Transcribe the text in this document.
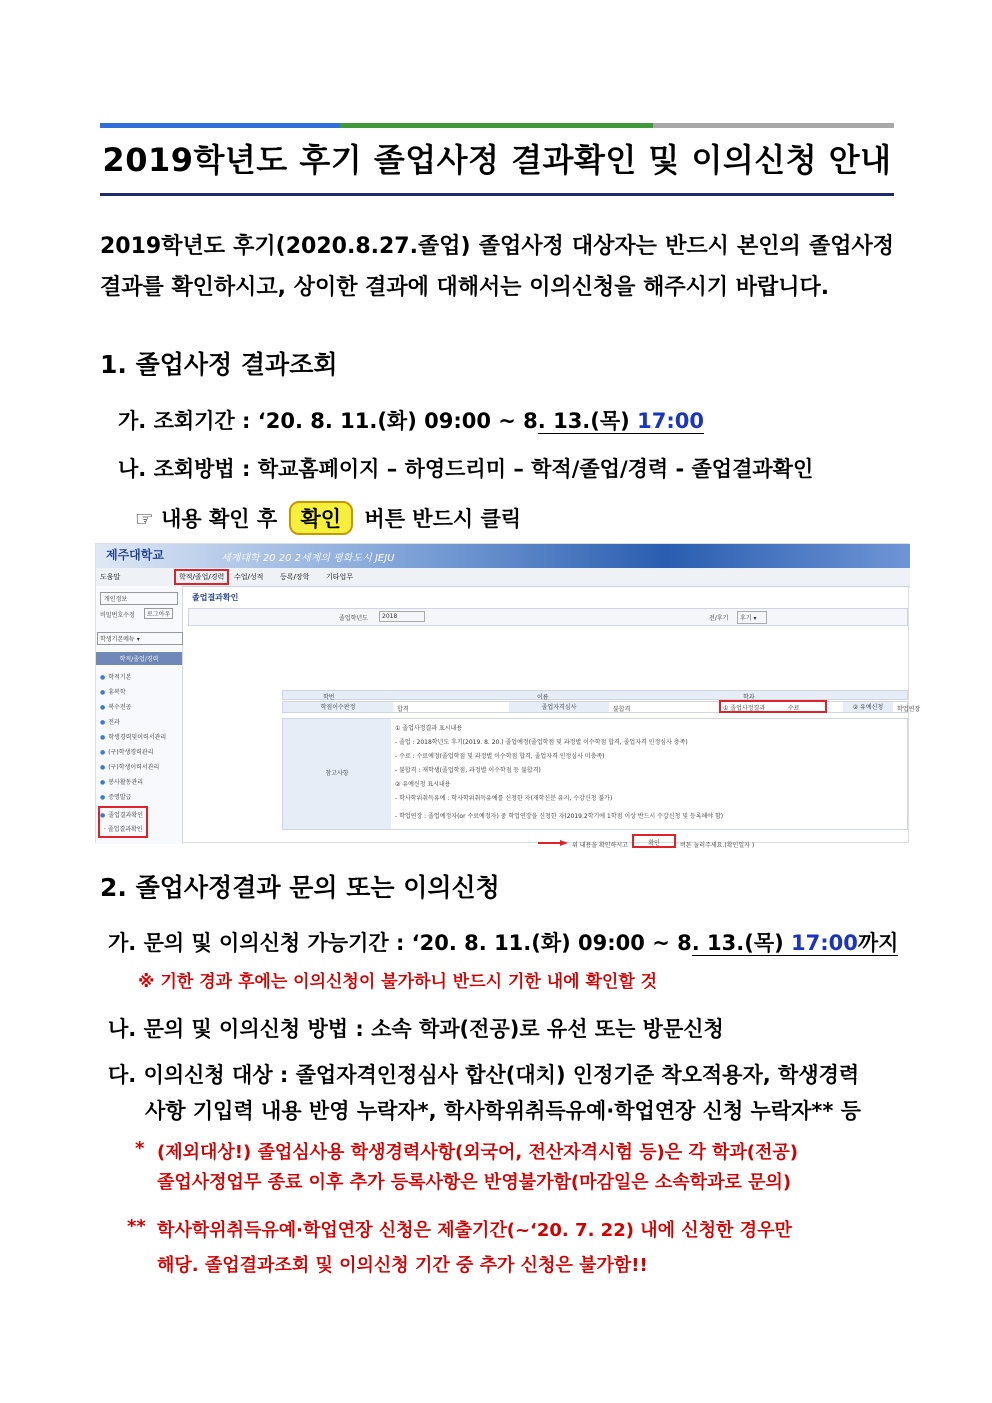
2019학년도 후기 졸업사정 결과확인 및 이의신청 안내
2019학년도 후기(2020.8.27.졸업) 졸업사정 대상자는 반드시 본인의 졸업사정 결과를 확인하시고, 상이한 결과에 대해서는 이의신청을 해주시기 바랍니다.
1. 졸업사정 결과조회
가. 조회기간 : ‘20. 8. 11.(화) 09:00 ~ 8. 13.(목) 17:00
나. 조회방법 : 학교홈페이지 – 하영드리미 – 학적/졸업/경력 - 졸업결과확인
☞ 내용 확인 후 확인 버튼 반드시 클릭
제주대학교	세계대학 20 20 2세계의 평화도시 JEJU
도움말	학적/졸업/경력	수업/성적 등록/장학 기타업무
개인정보
비밀번호수정	로그아우
학생기본메뉴 ▾
학적/졸업/경력
● 학적기본
● 휴복학
● 복수전공
● 전과
● 학생경력및이력서관리
● (구)학생경력관리
● (구)학생이력서관리
● 봉사활동관리
● 증명발급
● 졸업결과확인
· 졸업결과확인
졸업결과확인
졸업학년도	2018	전/후기	후기 ▾
학번	이름	학과
학점이수판정	합격	졸업자격심사	불합격	① 졸업사정결과	수료	② 유예신청	학업연장
참고사항
① 졸업사정결과 표시내용
- 졸업 : 2018학년도 후기(2019. 8. 20.) 졸업예정(졸업학점 및 과정별 이수학점 합격, 졸업자격 인정심사 충족)
- 수료 : 수료예정(졸업학점 및 과정별 이수학점 합격, 졸업자격 인정심사 미충족)
- 불합격 : 재학생(졸업학점, 과정별 이수학점 등 불합격)
② 유예신청 표시내용
- 학사학위취득유예 : 학사학위취득유예를 신청한 자(재학신분 유지, 수강신청 불가)
- 학업연장 : 졸업예정자(or 수료예정자) 중 학업연장을 신청한 자(2019.2학기에 1학점 이상 반드시 수강신청 및 등록해야 함)
위 내용을 확인하시고	확인	버튼 눌러주세요.(확인일자 )
2. 졸업사정결과 문의 또는 이의신청
가. 문의 및 이의신청 가능기간 : ‘20. 8. 11.(화) 09:00 ~ 8. 13.(목) 17:00까지
※ 기한 경과 후에는 이의신청이 불가하니 반드시 기한 내에 확인할 것
나. 문의 및 이의신청 방법 : 소속 학과(전공)로 유선 또는 방문신청
다. 이의신청 대상 : 졸업자격인정심사 합산(대치) 인정기준 착오적용자, 학생경력
사항 기입력 내용 반영 누락자*, 학사학위취득유예·학업연장 신청 누락자** 등
* (제외대상!) 졸업심사용 학생경력사항(외국어, 전산자격시험 등)은 각 학과(전공)
졸업사정업무 종료 이후 추가 등록사항은 반영불가함(마감일은 소속학과로 문의)
** 학사학위취득유예·학업연장 신청은 제출기간(~‘20. 7. 22) 내에 신청한 경우만
해당. 졸업결과조회 및 이의신청 기간 중 추가 신청은 불가함!!
